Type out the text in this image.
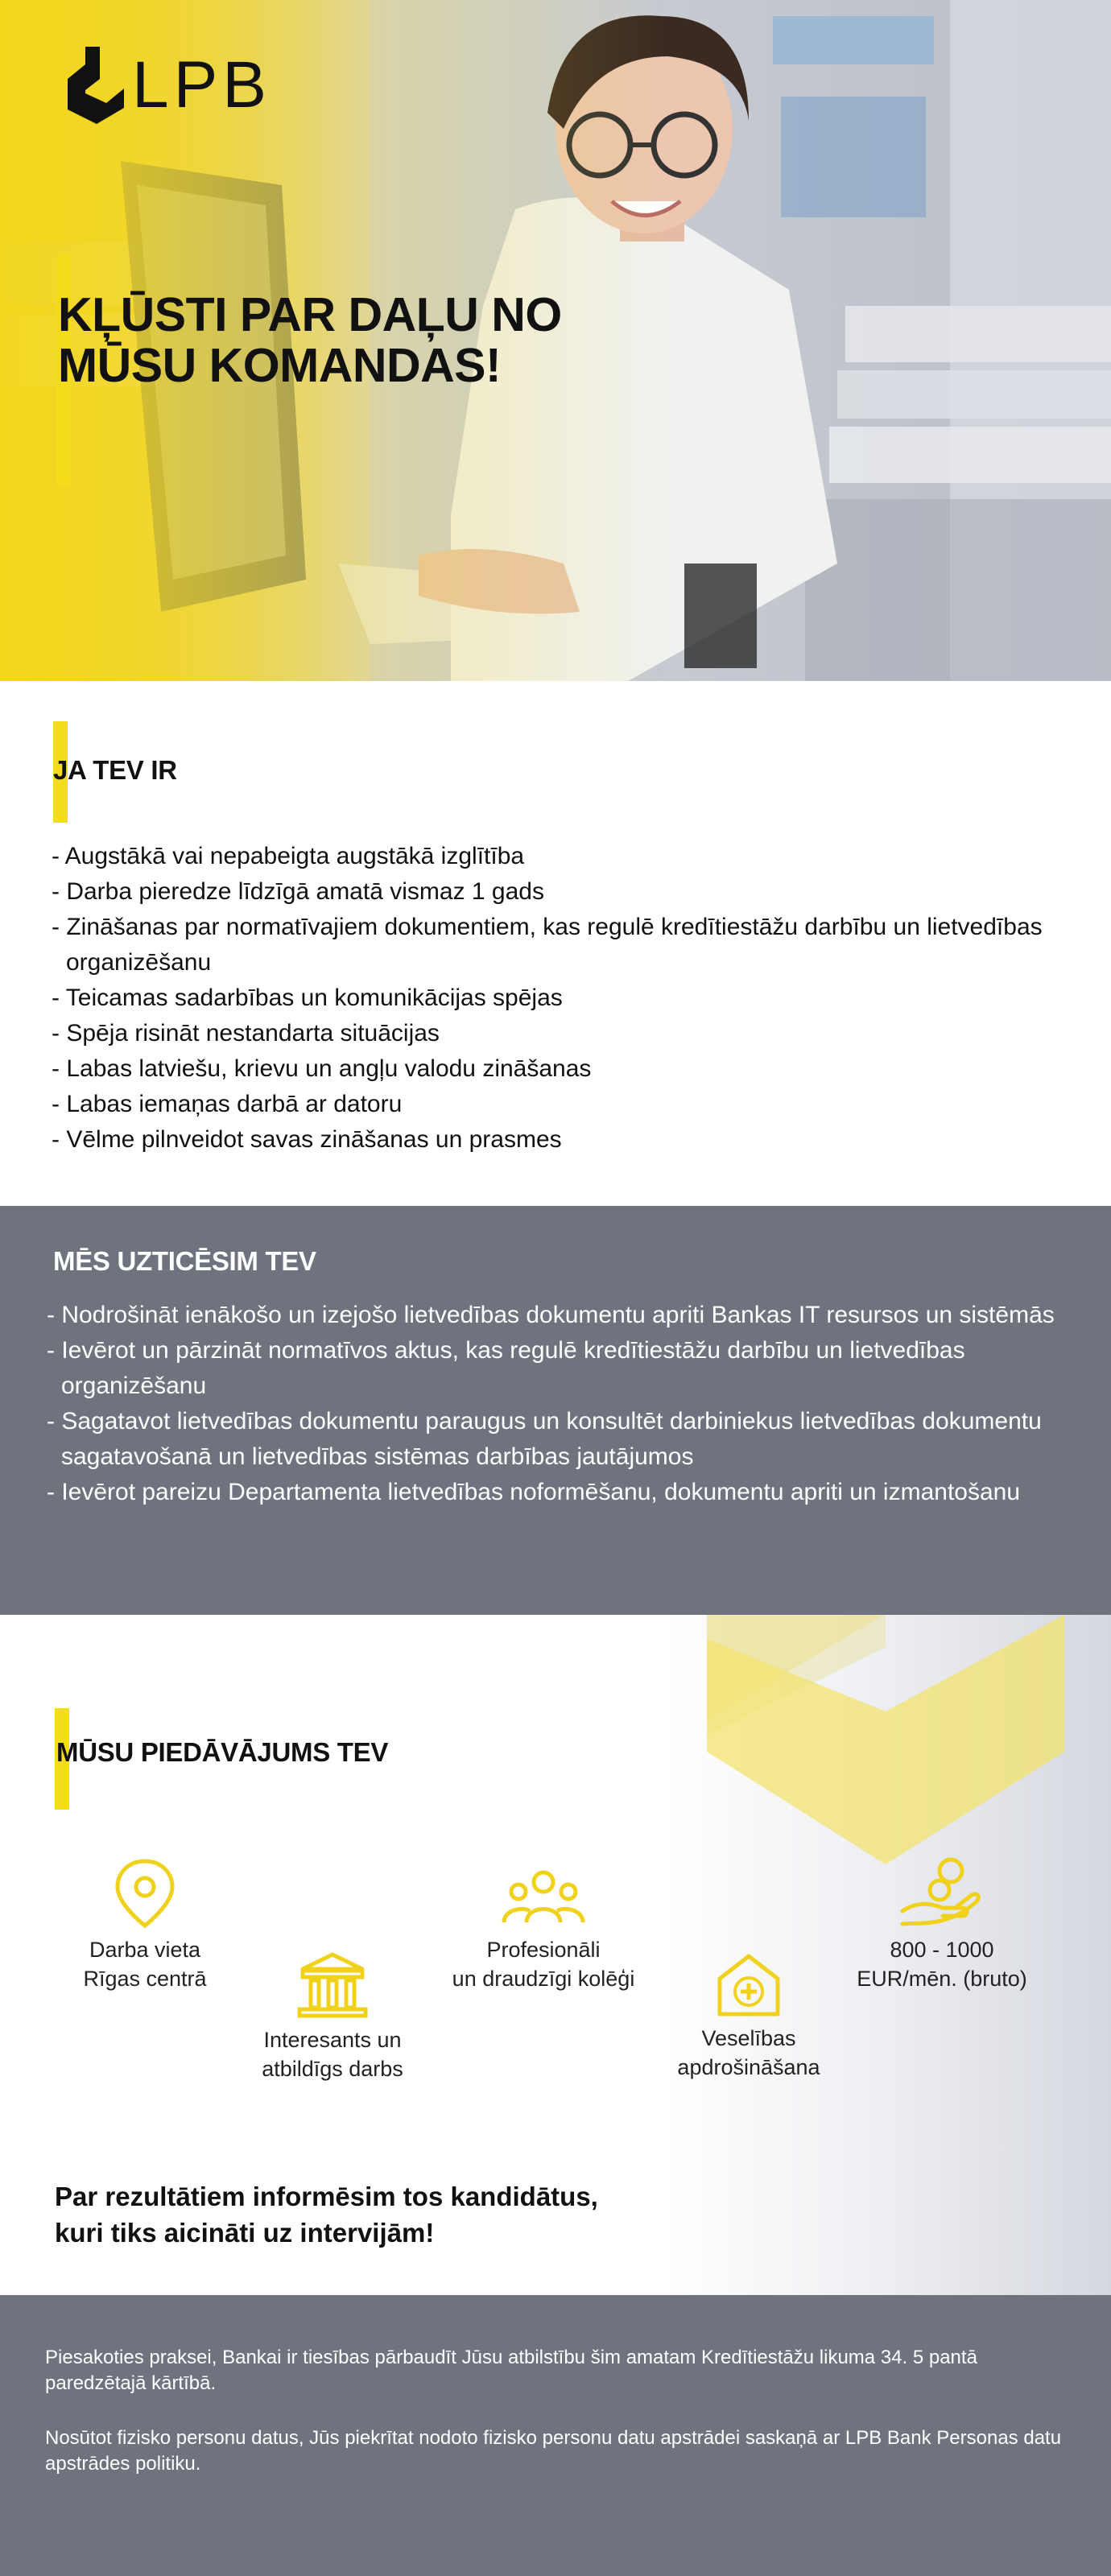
LPB
KĻŪSTI PAR DAĻU NO
MŪSU KOMANDAS!
JA TEV IR
- Augstākā vai nepabeigta augstākā izglītība
- Darba pieredze līdzīgā amatā vismaz 1 gads
- Zināšanas par normatīvajiem dokumentiem, kas regulē kredītiestāžu darbību un lietvedības organizēšanu
- Teicamas sadarbības un komunikācijas spējas
- Spēja risināt nestandarta situācijas
- Labas latviešu, krievu un angļu valodu zināšanas
- Labas iemaņas darbā ar datoru
- Vēlme pilnveidot savas zināšanas un prasmes
MĒS UZTICĒSIM TEV
- Nodrošināt ienākošo un izejošo lietvedības dokumentu apriti Bankas IT resursos un sistēmās
- Ievērot un pārzināt normatīvos aktus, kas regulē kredītiestāžu darbību un lietvedības organizēšanu
- Sagatavot lietvedības dokumentu paraugus un konsultēt darbiniekus lietvedības dokumentu sagatavošanā un lietvedības sistēmas darbības jautājumos
- Ievērot pareizu Departamenta lietvedības noformēšanu, dokumentu apriti un izmantošanu
MŪSU PIEDĀVĀJUMS TEV
Darba vieta
Rīgas centrā
Interesants un
atbildīgs darbs
Profesionāli
un draudzīgi kolēģi
Veselības
apdrošināšana
800 - 1000
EUR/mēn. (bruto)
Par rezultātiem informēsim tos kandidātus,
kuri tiks aicināti uz intervijām!

Piesakoties praksei, Bankai ir tiesības pārbaudīt Jūsu atbilstību šim amatam Kredītiestāžu likuma 34. 5 pantā paredzētajā kārtībā.

Nosūtot fizisko personu datus, Jūs piekrītat nodoto fizisko personu datu apstrādei saskaņā ar LPB Bank Personas datu apstrādes politiku.
